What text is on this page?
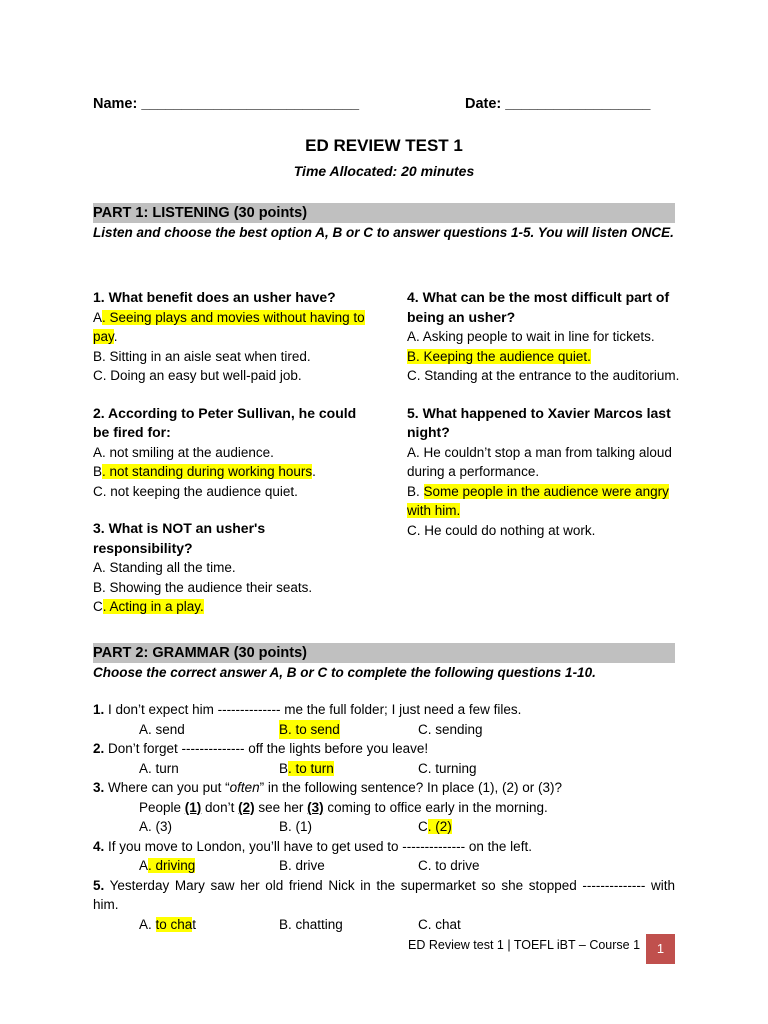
Name: ___________________________	Date: __________________
ED REVIEW TEST 1
Time Allocated: 20 minutes
PART 1: LISTENING (30 points)
Listen and choose the best option A, B or C to answer questions 1-5. You will listen ONCE.
1. What benefit does an usher have?
A. Seeing plays and movies without having to pay.
B. Sitting in an aisle seat when tired.
C. Doing an easy but well-paid job.
2. According to Peter Sullivan, he could be fired for:
A. not smiling at the audience.
B. not standing during working hours.
C. not keeping the audience quiet.
3. What is NOT an usher's responsibility?
A. Standing all the time.
B. Showing the audience their seats.
C. Acting in a play.
4. What can be the most difficult part of being an usher?
A. Asking people to wait in line for tickets.
B. Keeping the audience quiet.
C. Standing at the entrance to the auditorium.
5. What happened to Xavier Marcos last night?
A. He couldn’t stop a man from talking aloud during a performance.
B. Some people in the audience were angry with him.
C. He could do nothing at work.
PART 2: GRAMMAR (30 points)
Choose the correct answer A, B or C to complete the following questions 1-10.
1. I don’t expect him -------------- me the full folder; I just need a few files.
A. send	B. to send	C. sending
2. Don’t forget -------------- off the lights before you leave!
A. turn	B. to turn	C. turning
3. Where can you put “often” in the following sentence? In place (1), (2) or (3)?
People (1) don’t (2) see her (3) coming to office early in the morning.
A. (3)	B. (1)	C. (2)
4. If you move to London, you’ll have to get used to -------------- on the left.
A. driving	B. drive	C. to drive
5. Yesterday Mary saw her old friend Nick in the supermarket so she stopped -------------- with him.
A. to chat	B. chatting	C. chat
ED Review test 1 | TOEFL iBT – Course 1	1
